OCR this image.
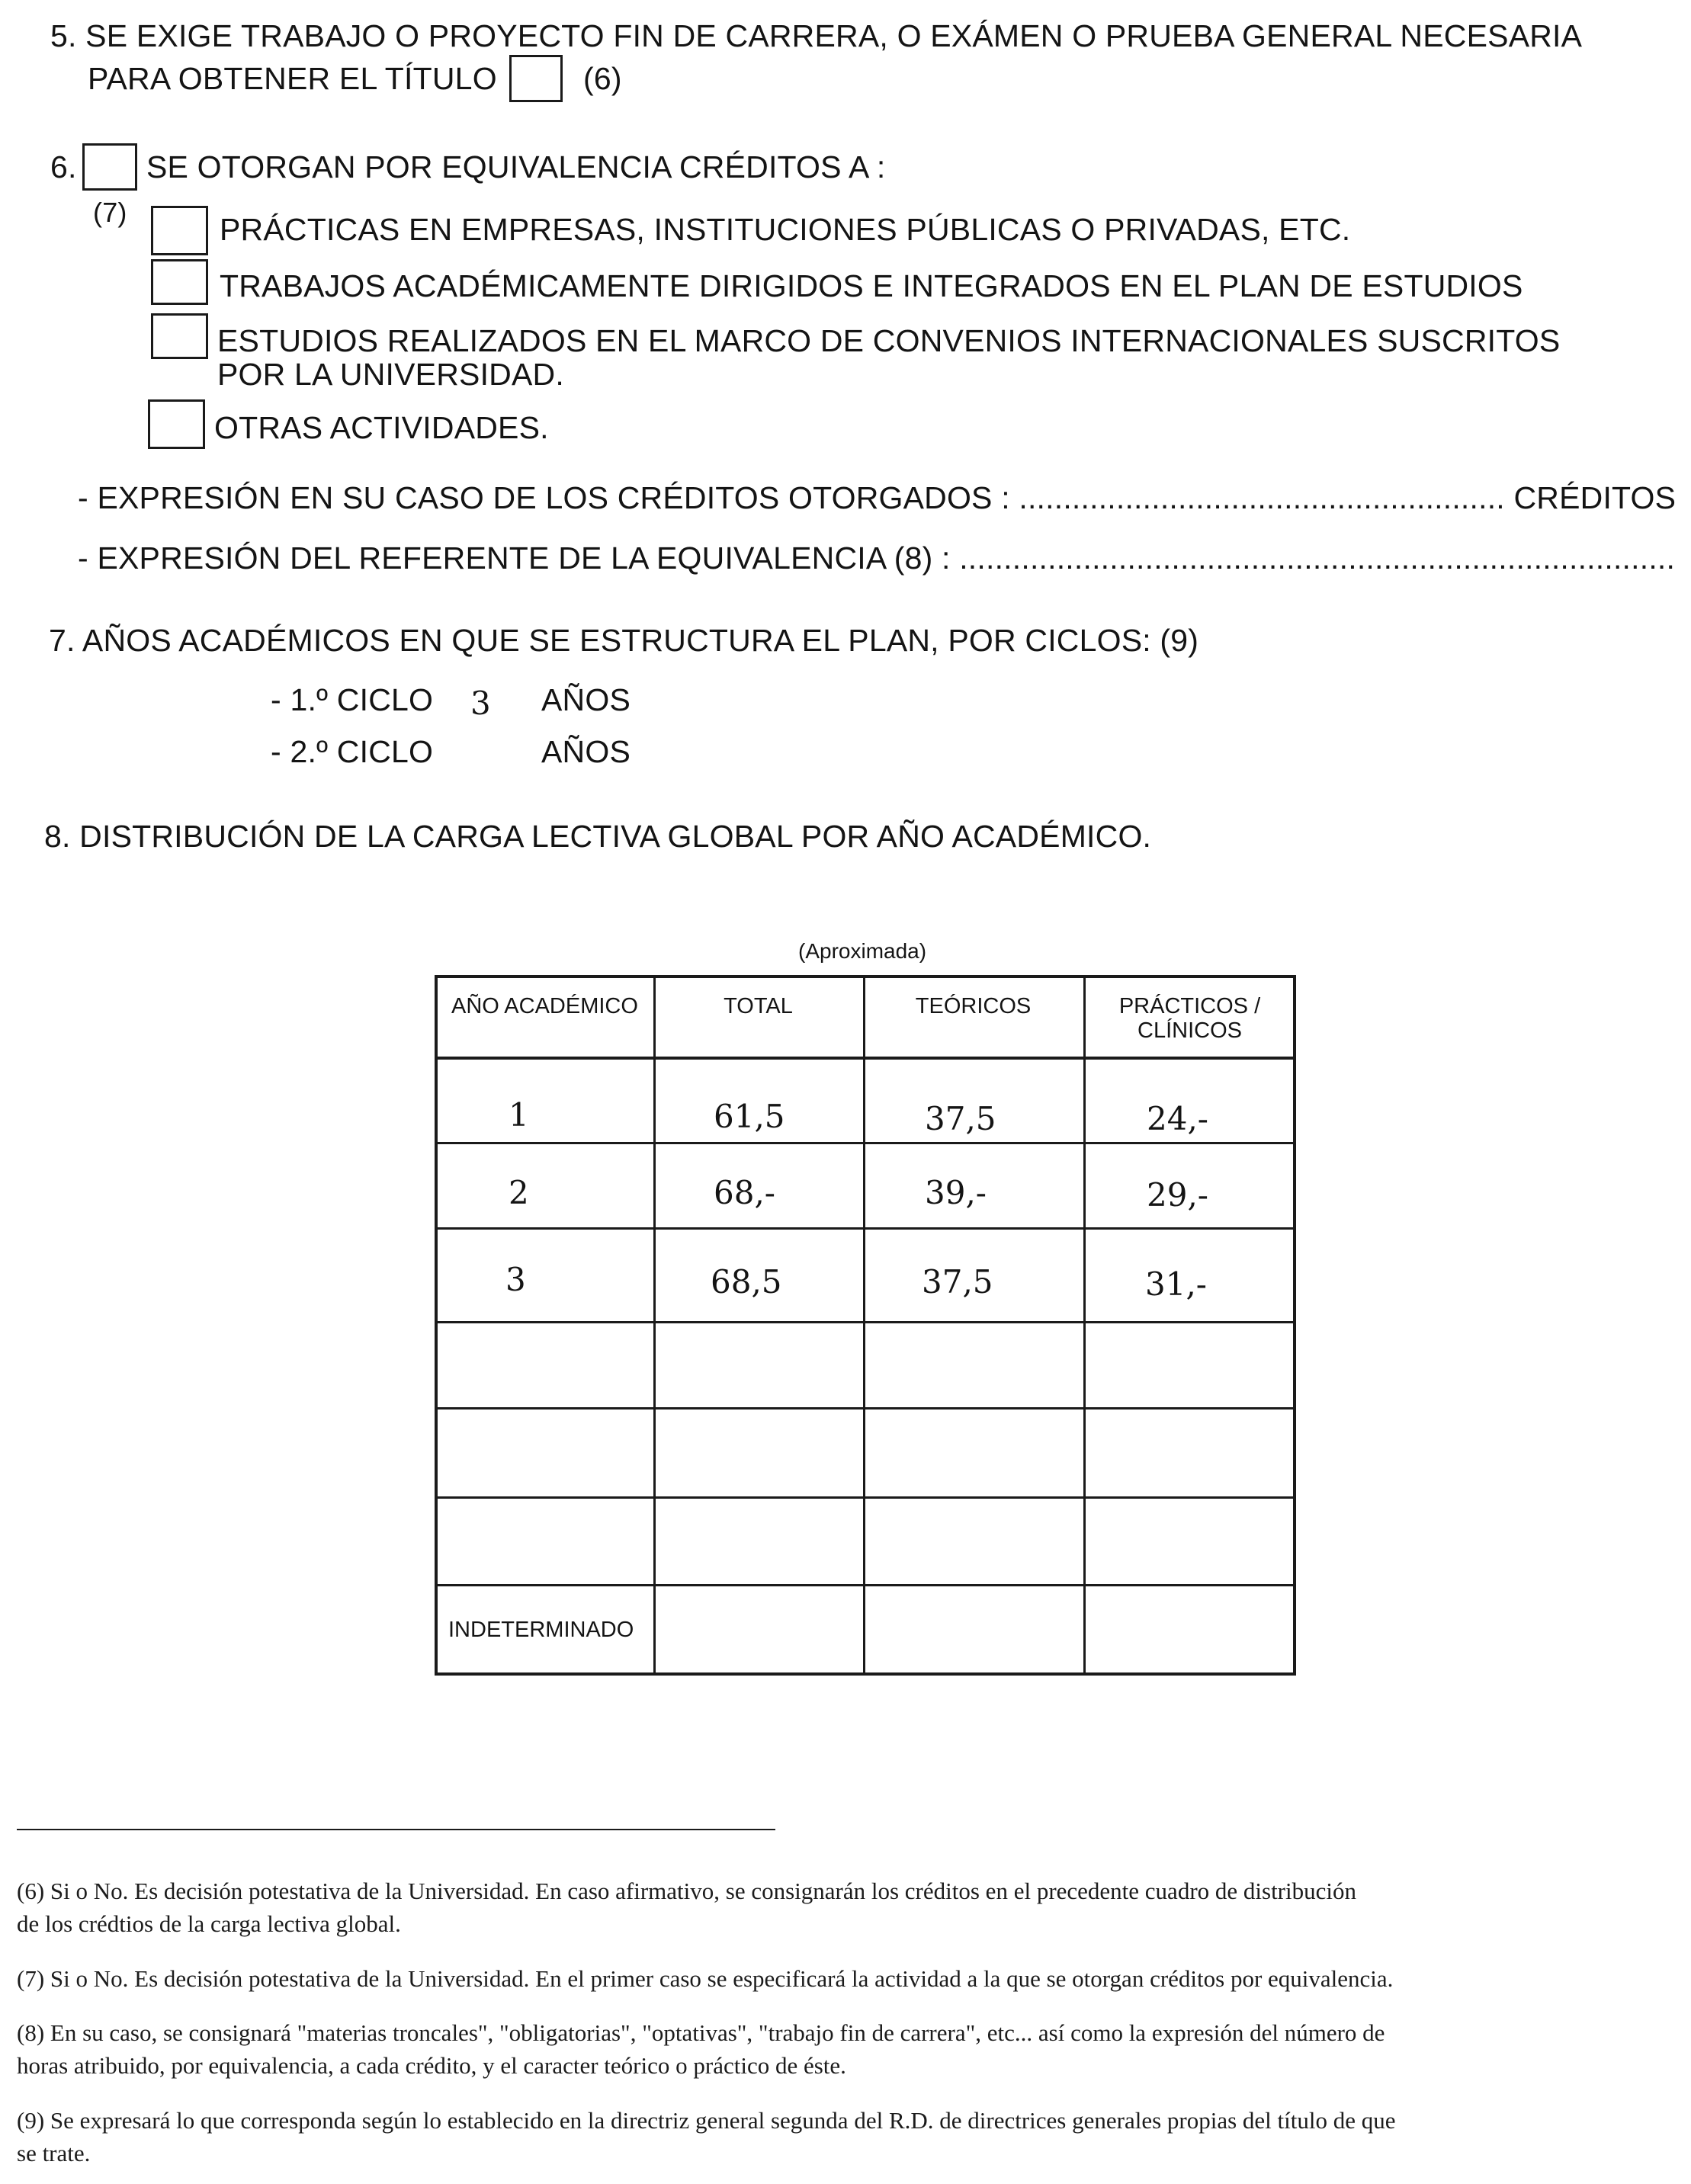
5. SE EXIGE TRABAJO O PROYECTO FIN DE CARRERA, O EXÁMEN O PRUEBA GENERAL NECESARIA
PARA OBTENER EL TÍTULO	(6)
6. SE OTORGAN POR EQUIVALENCIA CRÉDITOS A :
(7)	PRÁCTICAS EN EMPRESAS, INSTITUCIONES PÚBLICAS O PRIVADAS, ETC.
TRABAJOS ACADÉMICAMENTE DIRIGIDOS E INTEGRADOS EN EL PLAN DE ESTUDIOS
ESTUDIOS REALIZADOS EN EL MARCO DE CONVENIOS INTERNACIONALES SUSCRITOS
POR LA UNIVERSIDAD.
OTRAS ACTIVIDADES.
- EXPRESIÓN EN SU CASO DE LOS CRÉDITOS OTORGADOS : ....................................................... CRÉDITOS
- EXPRESIÓN DEL REFERENTE DE LA EQUIVALENCIA (8) : .................................................................................
7. AÑOS ACADÉMICOS EN QUE SE ESTRUCTURA EL PLAN, POR CICLOS: (9)
- 1.º CICLO 3 AÑOS
- 2.º CICLO	AÑOS
8. DISTRIBUCIÓN DE LA CARGA LECTIVA GLOBAL POR AÑO ACADÉMICO.
(Aproximada)
AÑO ACADÉMICO	TOTAL	TEÓRICOS	PRÁCTICOS /
CLÍNICOS
1	61,5	37,5	24,-
2	68,-	39,-	29,-
3	68,5	37,5	31,-
INDETERMINADO
(6) Si o No. Es decisión potestativa de la Universidad. En caso afirmativo, se consignarán los créditos en el precedente cuadro de distribución
de los crédtios de la carga lectiva global.
(7) Si o No. Es decisión potestativa de la Universidad. En el primer caso se especificará la actividad a la que se otorgan créditos por equivalencia.
(8) En su caso, se consignará "materias troncales", "obligatorias", "optativas", "trabajo fin de carrera", etc... así como la expresión del número de
horas atribuido, por equivalencia, a cada crédito, y el caracter teórico o práctico de éste.
(9) Se expresará lo que corresponda según lo establecido en la directriz general segunda del R.D. de directrices generales propias del título de que
se trate.
